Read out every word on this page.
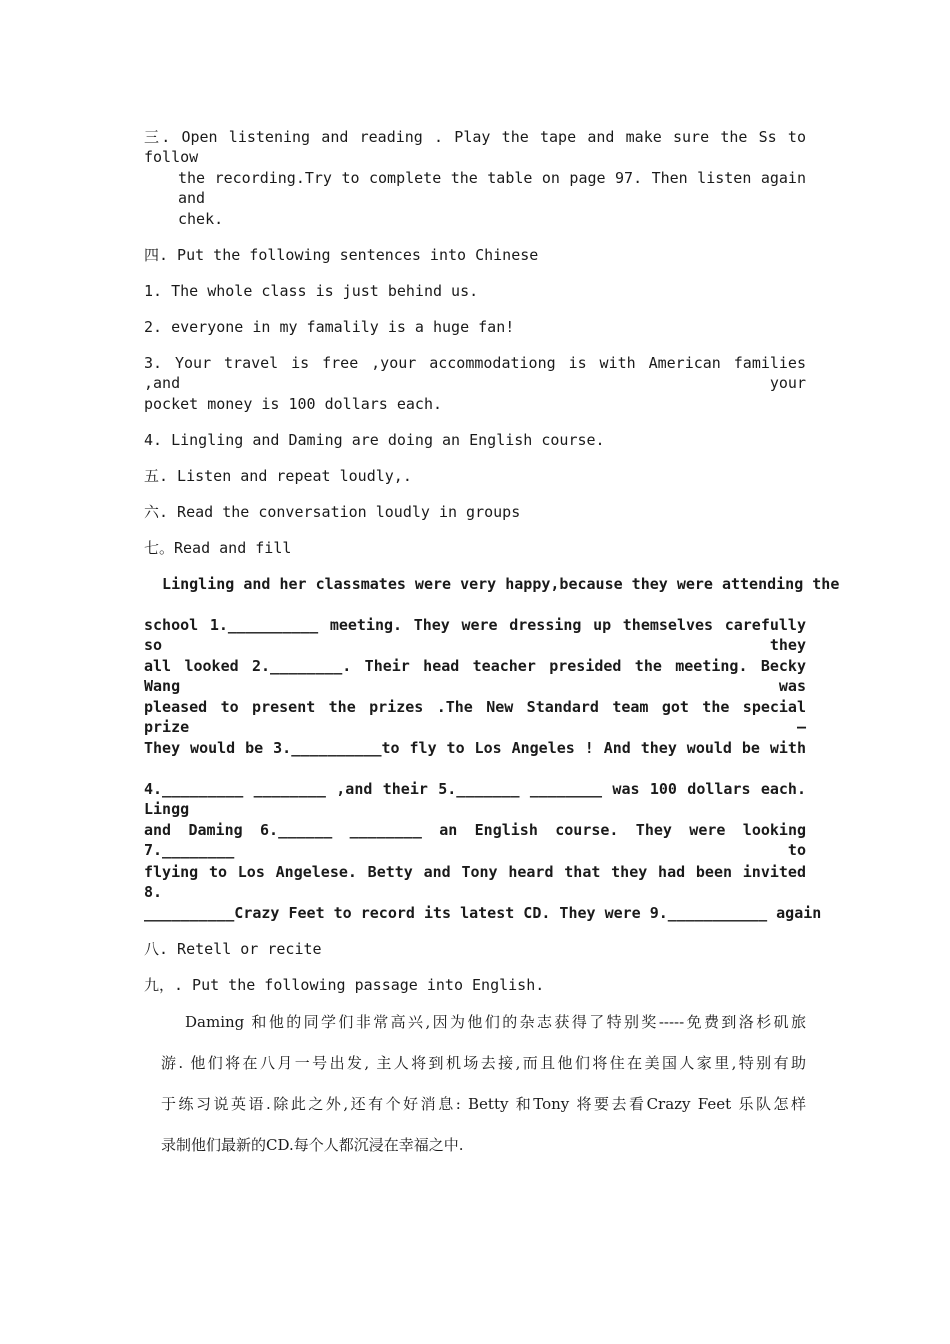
三. Open listening and reading . Play the tape and make sure the Ss to follow
the recording.Try to complete the table on page 97. Then listen again and
chek.
四. Put the following sentences into Chinese
1. The whole class is just behind us.
2. everyone in my famalily is a huge fan!
3. Your travel is free ,your accommodationg is with American families ,and your
pocket money is 100 dollars each.
4. Lingling and Daming are doing an English course.
五. Listen and repeat loudly,.
六. Read the conversation loudly in groups
七。Read and fill
Lingling and her classmates were very happy,because they were attending the
school 1.__________ meeting. They were dressing up themselves carefully so they
all looked 2.________. Their head teacher presided the meeting. Becky Wang was
pleased to present the prizes .The New Standard team got the special prize —
They would be 3.__________to fly to Los Angeles ! And they would be with
4._________ ________ ,and their 5._______ ________ was 100 dollars each. Lingg
and Daming 6.______ ________ an English course. They were looking 7.________ to
flying to Los Angelese. Betty and Tony heard that they had been invited 8.
__________Crazy Feet to record its latest CD. They were 9.___________ again
八. Retell or recite
九，. Put the following passage into English.
Daming 和他的同学们非常高兴,因为他们的杂志获得了特别奖-----免费到洛杉矶旅
游. 他们将在八月一号出发, 主人将到机场去接,而且他们将住在美国人家里,特别有助
于练习说英语.除此之外,还有个好消息: Betty 和Tony 将要去看Crazy Feet 乐队怎样
录制他们最新的CD.每个人都沉浸在幸福之中.
